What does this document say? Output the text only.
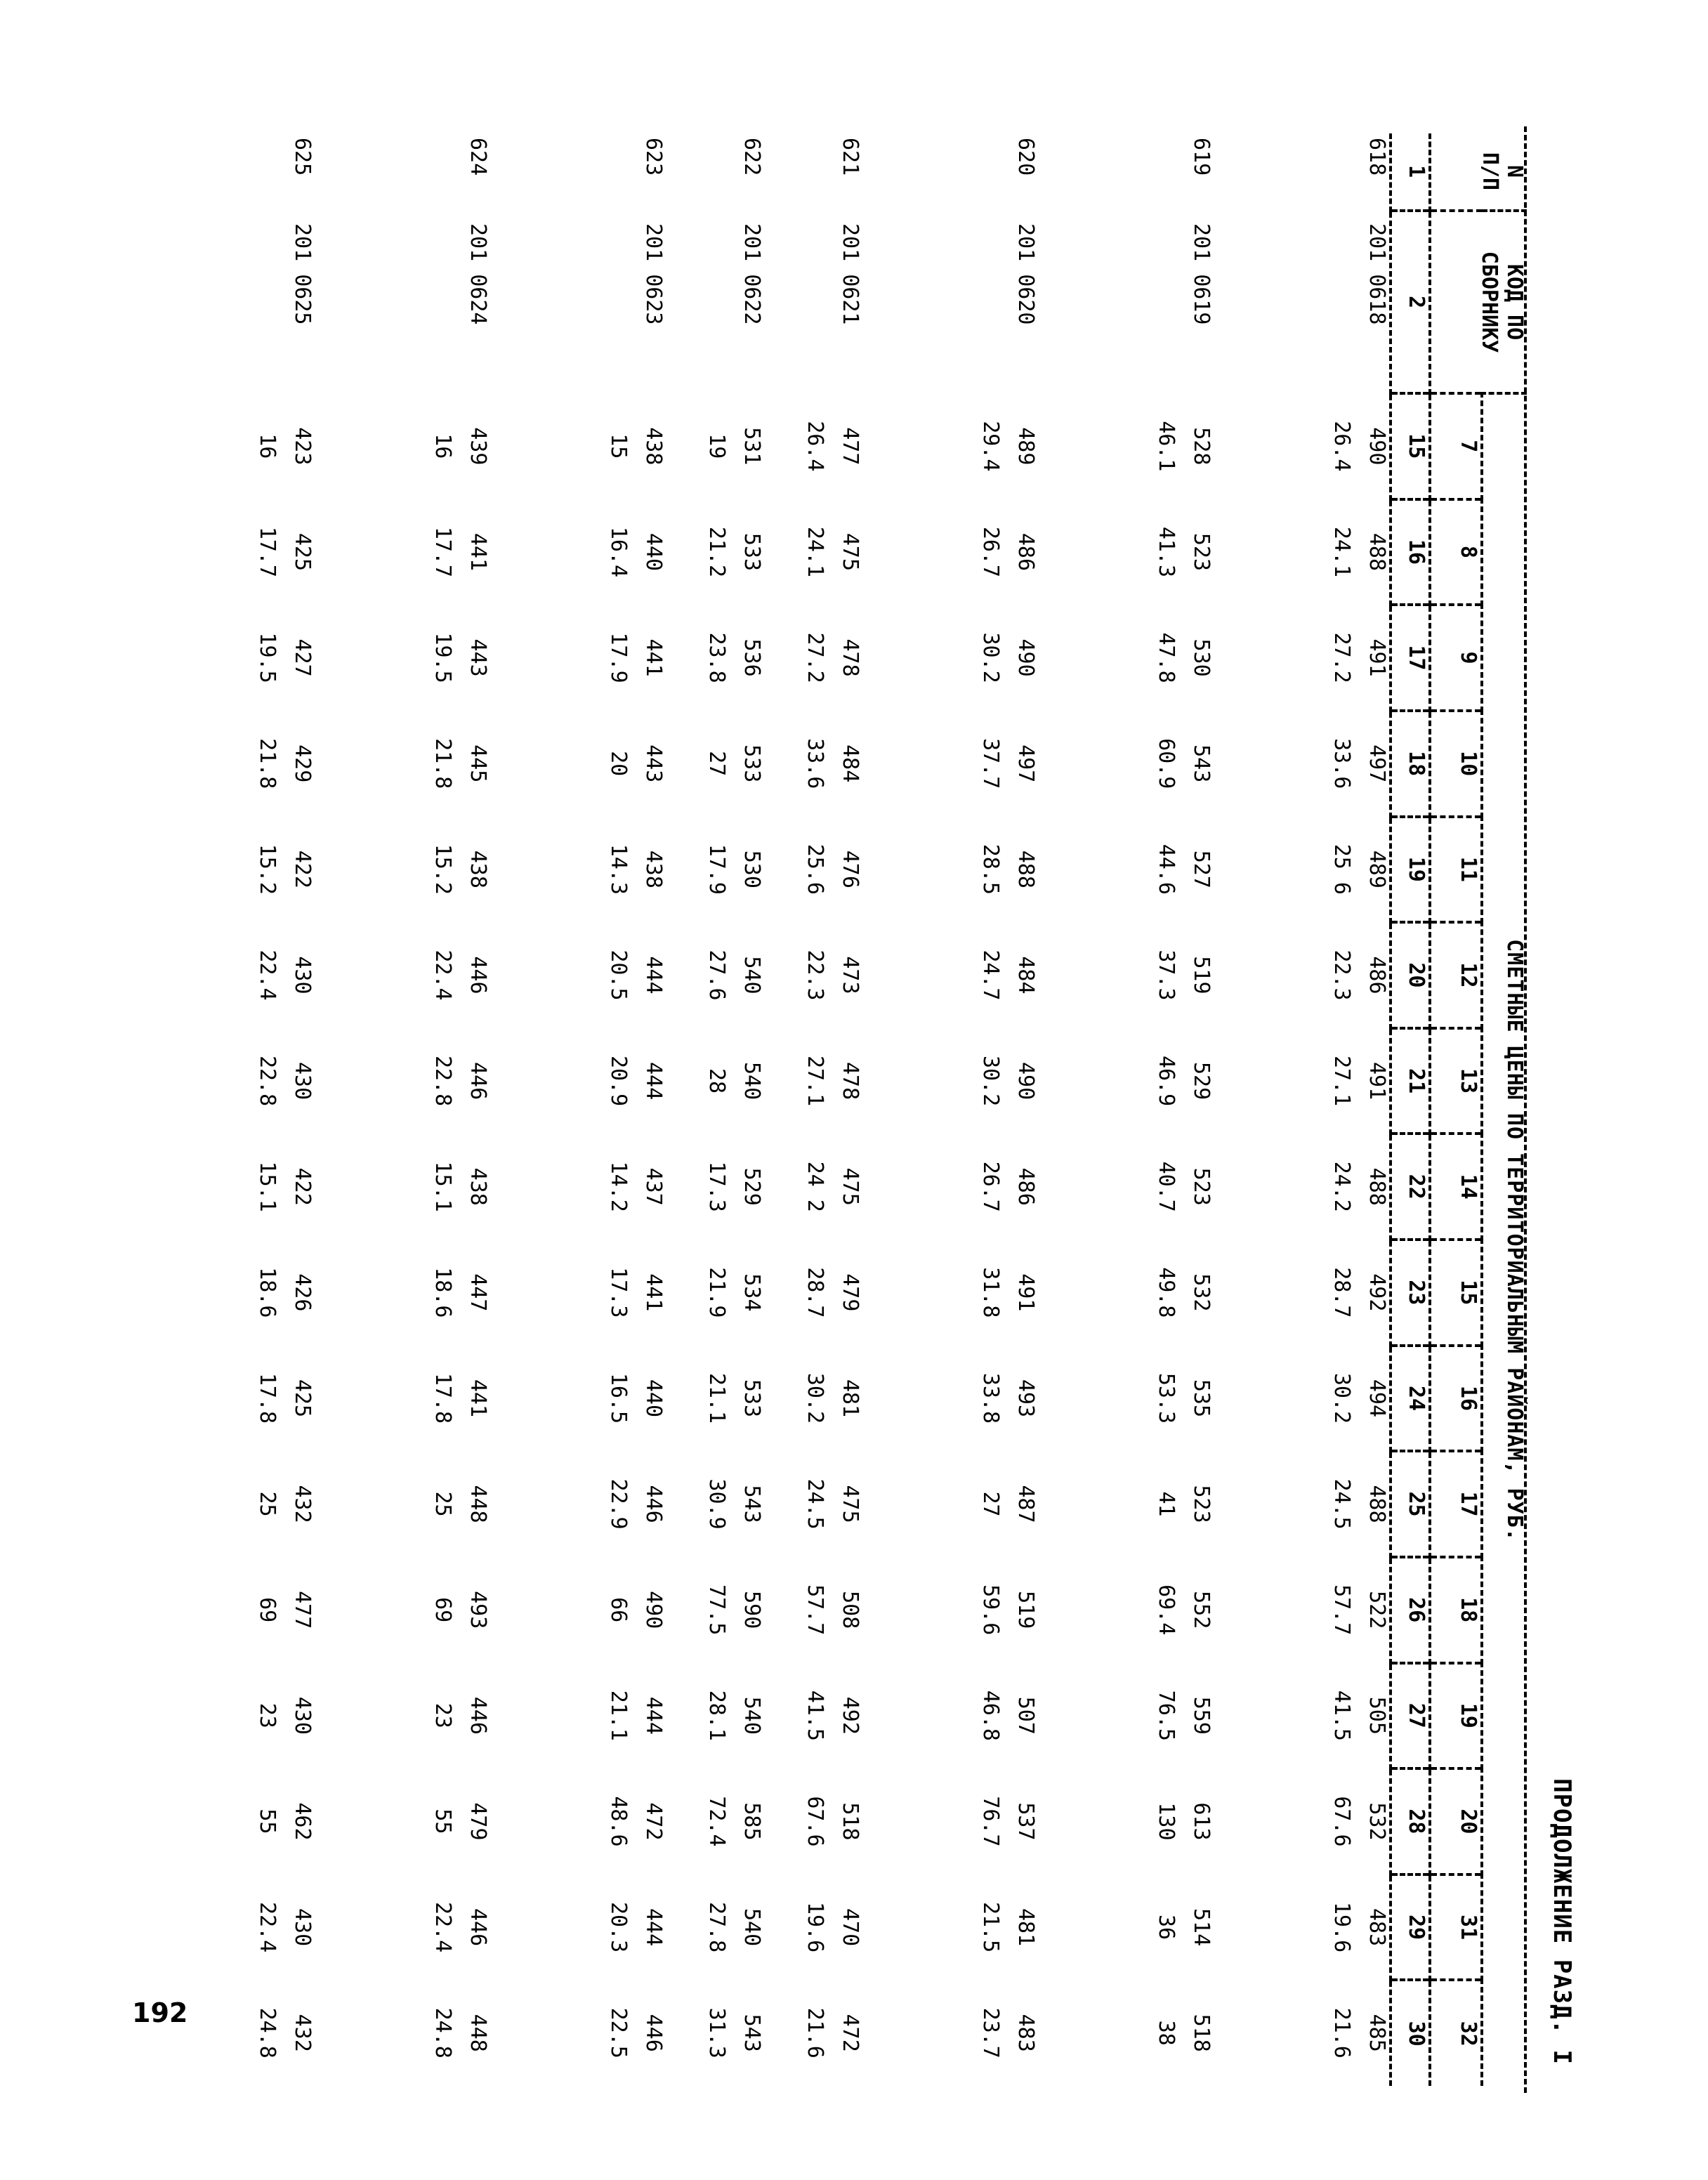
192	ПРОДОЛЖЕНИЕ РАЗД. I
N
П/П	КОД ПО
СБОРНИКУ	СМЕТНЫЕ ЦЕНЫ ПО ТЕРРИТОРИАЛЬНЫМ РАЙОНАМ, РУБ.															
		7	8	9	10	11	12	13	14	15	16	17	18	19	20	31	32
1	2	15	16	17	18	19	20	21	22	23	24	25	26	27	28	29	30
618	201 0618	490	488	491	497	489	486	491	488	492	494	488	522	505	532	483	485
		26.4	24.1	27.2	33.6	25 6	22.3	27.1	24.2	28.7	30.2	24.5	57.7	41.5	67.6	19.6	21.6

619	201 0619	528	523	530	543	527	519	529	523	532	535	523	552	559	613	514	518
		46.1	41.3	47.8	60.9	44.6	37.3	46.9	40.7	49.8	53.3	41	69.4	76.5	130	36	38

620	201 0620	489	486	490	497	488	484	490	486	491	493	487	519	507	537	481	483
		29.4	26.7	30.2	37.7	28.5	24.7	30.2	26.7	31.8	33.8	27	59.6	46.8	76.7	21.5	23.7

621	201 0621	477	475	478	484	476	473	478	475	479	481	475	508	492	518	470	472
		26.4	24.1	27.2	33.6	25.6	22.3	27.1	24 2	28.7	30.2	24.5	57.7	41.5	67.6	19.6	21.6

622	201 0622	531	533	536	533	530	540	540	529	534	533	543	590	540	585	540	543
		19	21.2	23.8	27	17.9	27.6	28	17.3	21.9	21.1	30.9	77.5	28.1	72.4	27.8	31.3

623	201 0623	438	440	441	443	438	444	444	437	441	440	446	490	444	472	444	446
		15	16.4	17.9	20	14.3	20.5	20.9	14.2	17.3	16.5	22.9	66	21.1	48.6	20.3	22.5

624	201 0624	439	441	443	445	438	446	446	438	447	441	448	493	446	479	446	448
		16	17.7	19.5	21.8	15.2	22.4	22.8	15.1	18.6	17.8	25	69	23	55	22.4	24.8

625	201 0625	423	425	427	429	422	430	430	422	426	425	432	477	430	462	430	432
		16	17.7	19.5	21.8	15.2	22.4	22.8	15.1	18.6	17.8	25	69	23	55	22.4	24.8
